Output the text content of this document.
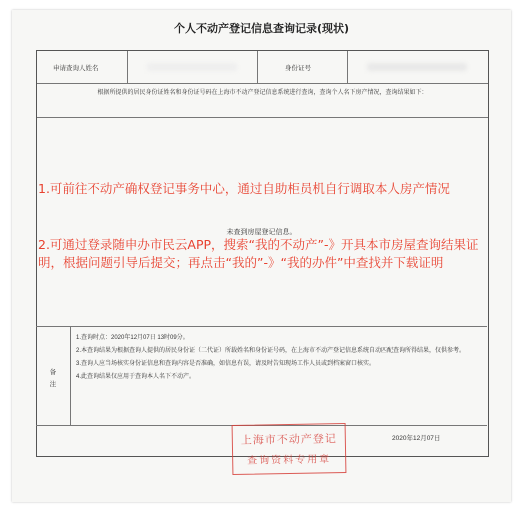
个人不动产登记信息查询记录(现状)
申请查询人姓名	身份证号
根据所提供的居民身份证姓名和身份证号码在上海市不动产登记信息系统进行查询，查询个人名下房产情况，查询结果如下：
未查到房屋登记信息。
1.可前往不动产确权登记事务中心，通过自助柜员机自行调取本人房产情况
2.可通过登录随申办市民云APP，搜索“我的不动产”-》开具本市房屋查询结果证明，根据问题引导后提交；再点击“我的”-》“我的办件”中查找并下载证明
备注

1.查询时点：2020年12月07日 13时09分。

2.本查询结果为根据查询人提供的居民身份证（二代证）所载姓名和身份证号码，在上海市不动产登记信息系统自动匹配查询所得结果，仅供参考。

3.查询人应当场核实身份证信息和查询内容是否准确，如信息有误，请及时告知现场工作人员或到档案窗口核实。

4.此查询结果仅应用于查询本人名下不动产。

2020年12月07日
上海市不动产登记
查询资料专用章
